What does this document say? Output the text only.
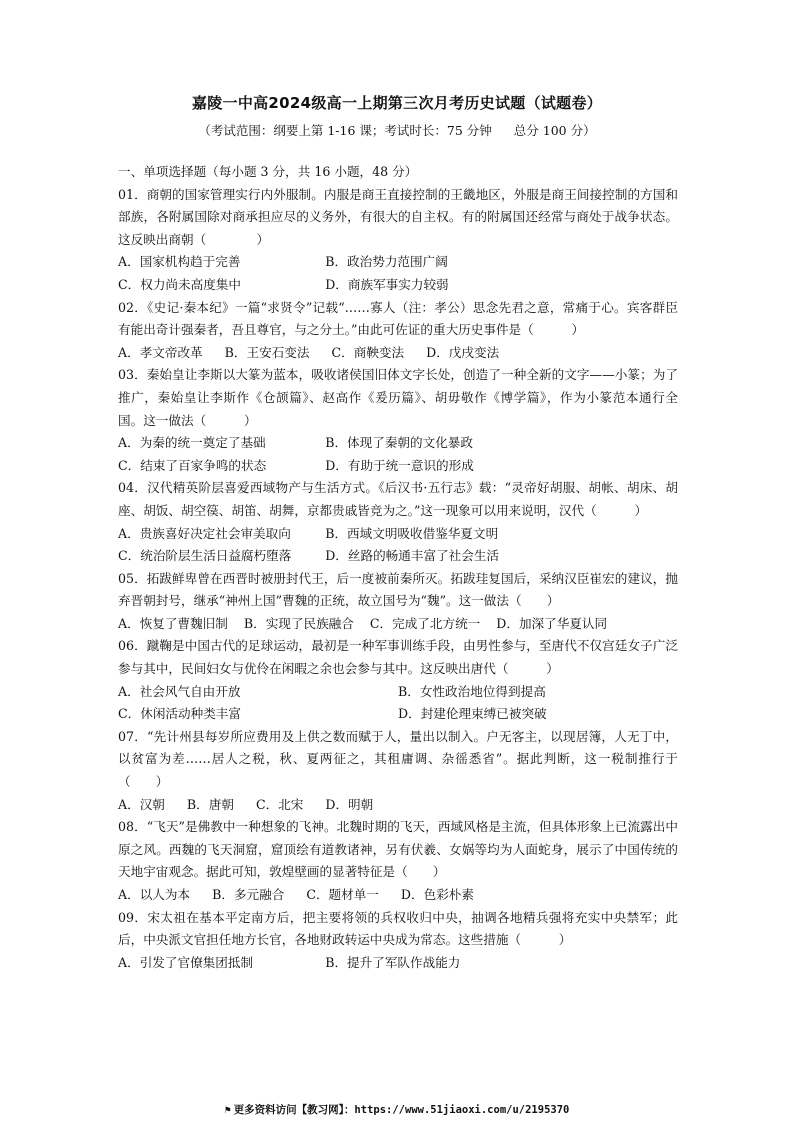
嘉陵一中高2024级高一上期第三次月考历史试题（试题卷）
（考试范围：纲要上第 1-16 课；考试时长：75 分钟 总分 100 分）

一、单项选择题（每小题 3 分，共 16 小题，48 分）

01．商朝的国家管理实行内外服制。内服是商王直接控制的王畿地区，外服是商王间接控制的方国和部族，各附属国除对商承担应尽的义务外，有很大的自主权。有的附属国还经常与商处于战争状态。这反映出商朝（　　　　）

A．国家机构趋于完善	B．政治势力范围广阔
C．权力尚未高度集中	D．商族军事实力较弱

02．《史记·秦本纪》一篇“求贤令”记载“……寡人（注：孝公）思念先君之意，常痛于心。宾客群臣有能出奇计强秦者，吾且尊官，与之分土。”由此可佐证的重大历史事件是（　　　）

A．孝文帝改革 B．王安石变法 C．商鞅变法 D．戊戌变法

03．秦始皇让李斯以大篆为蓝本，吸收诸侯国旧体文字长处，创造了一种全新的文字——小篆；为了推广，秦始皇让李斯作《仓颉篇》、赵高作《爰历篇》、胡毋敬作《博学篇》，作为小篆范本通行全国。这一做法（　　　）

A．为秦的统一奠定了基础	B．体现了秦朝的文化暴政
C．结束了百家争鸣的状态	D．有助于统一意识的形成

04．汉代精英阶层喜爱西域物产与生活方式。《后汉书·五行志》载：“灵帝好胡服、胡帐、胡床、胡座、胡饭、胡空篌、胡笛、胡舞，京都贵戚皆竞为之。”这一现象可以用来说明，汉代（　　　）

A．贵族喜好决定社会审美取向	B．西域文明吸收借鉴华夏文明
C．统治阶层生活日益腐朽堕落	D．丝路的畅通丰富了社会生活

05．拓跋鲜卑曾在西晋时被册封代王，后一度被前秦所灭。拓跋珪复国后，采纳汉臣崔宏的建议，抛弃晋朝封号，继承“神州上国”曹魏的正统，故立国号为“魏”。这一做法（　　）

A．恢复了曹魏旧制 B．实现了民族融合 C．完成了北方统一 D．加深了华夏认同

06．蹴鞠是中国古代的足球运动，最初是一种军事训练手段，由男性参与，至唐代不仅宫廷女子广泛参与其中，民间妇女与优伶在闲暇之余也会参与其中。这反映出唐代（　　　）

A．社会风气自由开放	B．女性政治地位得到提高
C．休闲活动种类丰富	D．封建伦理束缚已被突破

07．“先计州县每岁所应费用及上供之数而赋于人，量出以制入。户无客主，以现居簿，人无丁中，以贫富为差……居人之税，秋、夏两征之，其租庸调、杂徭悉省”。据此判断，这一税制推行于（　　）

A．汉朝 B．唐朝 C．北宋 D．明朝

08．“飞天”是佛教中一种想象的飞神。北魏时期的飞天，西域风格是主流，但具体形象上已流露出中原之风。西魏的飞天洞窟，窟顶绘有道教诸神，另有伏羲、女娲等均为人面蛇身，展示了中国传统的天地宇宙观念。据此可知，敦煌壁画的显著特征是（　　）

A．以人为本 B．多元融合 C．题材单一 D．色彩朴素

09．宋太祖在基本平定南方后，把主要将领的兵权收归中央，抽调各地精兵强将充实中央禁军；此后，中央派文官担任地方长官，各地财政转运中央成为常态。这些措施（　　　）

A．引发了官僚集团抵制	B．提升了军队作战能力
⚑ 更多资料访问【教习网】：https://www.51jiaoxi.com/u/2195370
